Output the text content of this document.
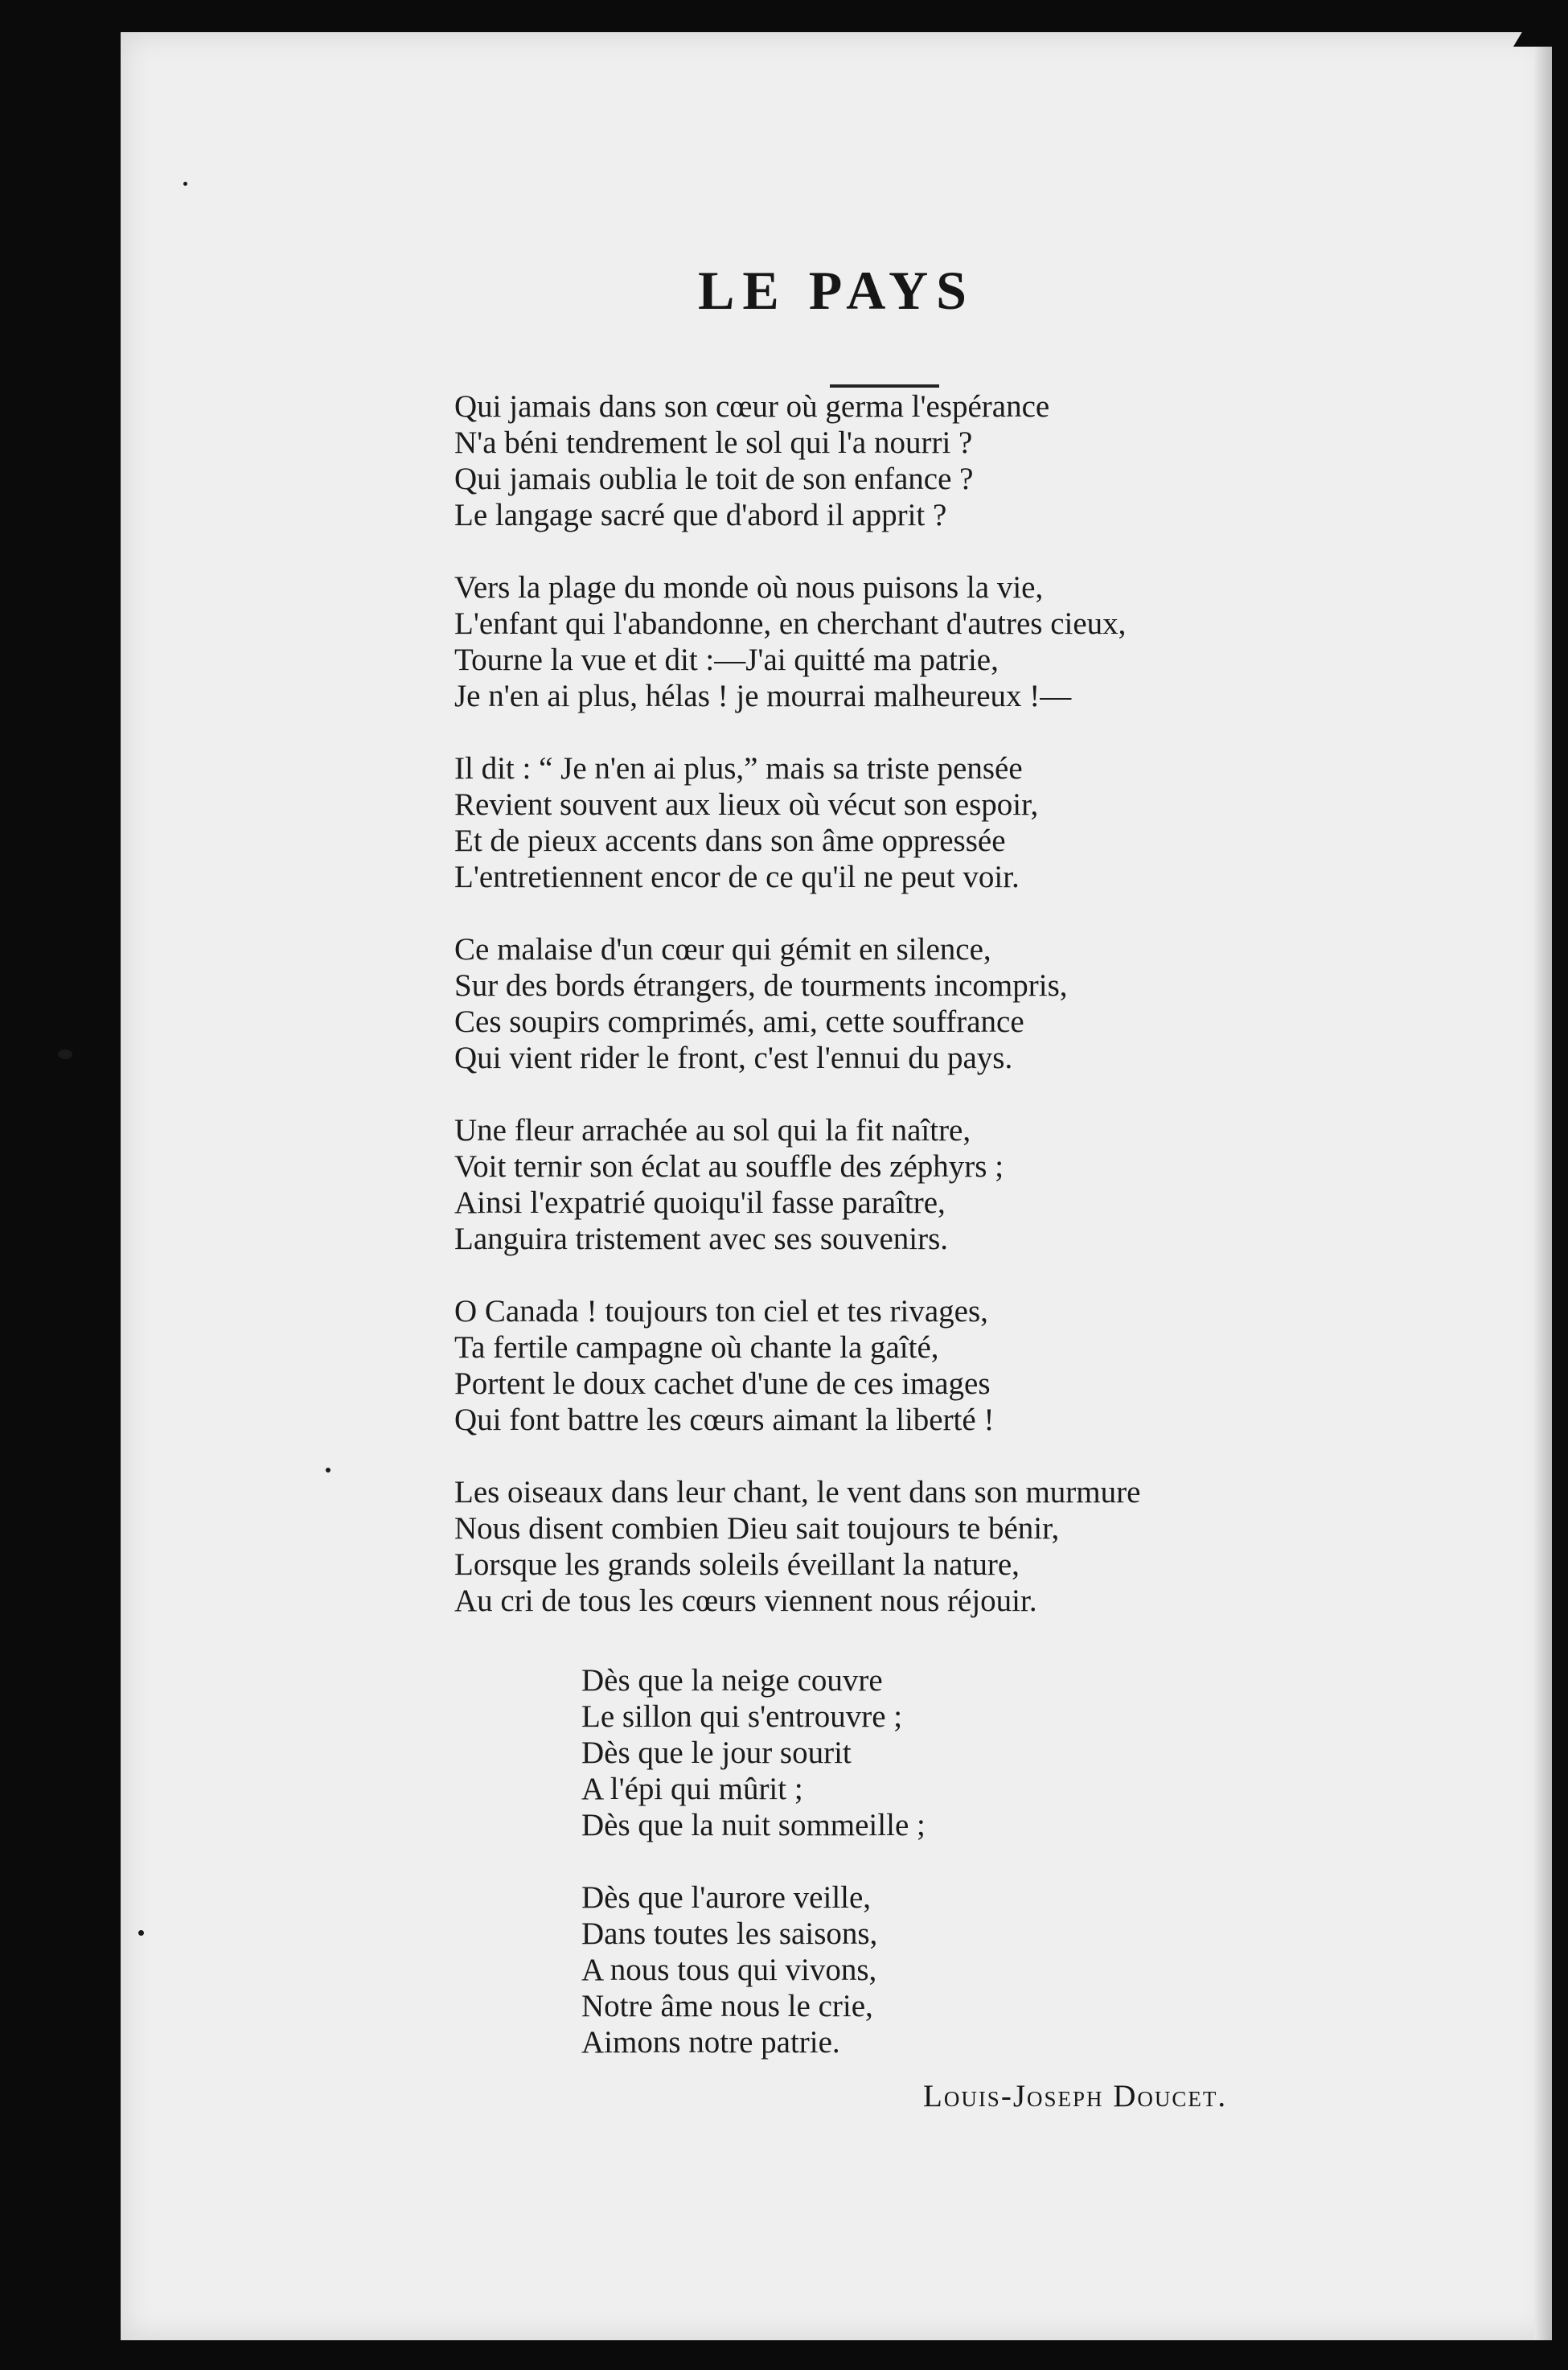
LE PAYS
Qui jamais dans son cœur où germa l'espérance
N'a béni tendrement le sol qui l'a nourri ?
Qui jamais oublia le toit de son enfance ?
Le langage sacré que d'abord il apprit ?
Vers la plage du monde où nous puisons la vie,
L'enfant qui l'abandonne, en cherchant d'autres cieux,
Tourne la vue et dit :—J'ai quitté ma patrie,
Je n'en ai plus, hélas ! je mourrai malheureux !—
Il dit : “ Je n'en ai plus,” mais sa triste pensée
Revient souvent aux lieux où vécut son espoir,
Et de pieux accents dans son âme oppressée
L'entretiennent encor de ce qu'il ne peut voir.
Ce malaise d'un cœur qui gémit en silence,
Sur des bords étrangers, de tourments incompris,
Ces soupirs comprimés, ami, cette souffrance
Qui vient rider le front, c'est l'ennui du pays.
Une fleur arrachée au sol qui la fit naître,
Voit ternir son éclat au souffle des zéphyrs ;
Ainsi l'expatrié quoiqu'il fasse paraître,
Languira tristement avec ses souvenirs.
O Canada ! toujours ton ciel et tes rivages,
Ta fertile campagne où chante la gaîté,
Portent le doux cachet d'une de ces images
Qui font battre les cœurs aimant la liberté !
Les oiseaux dans leur chant, le vent dans son murmure
Nous disent combien Dieu sait toujours te bénir,
Lorsque les grands soleils éveillant la nature,
Au cri de tous les cœurs viennent nous réjouir.
Dès que la neige couvre
Le sillon qui s'entrouvre ;
Dès que le jour sourit
A l'épi qui mûrit ;
Dès que la nuit sommeille ;
Dès que l'aurore veille,
Dans toutes les saisons,
A nous tous qui vivons,
Notre âme nous le crie,
Aimons notre patrie.
Louis-Joseph Doucet.
